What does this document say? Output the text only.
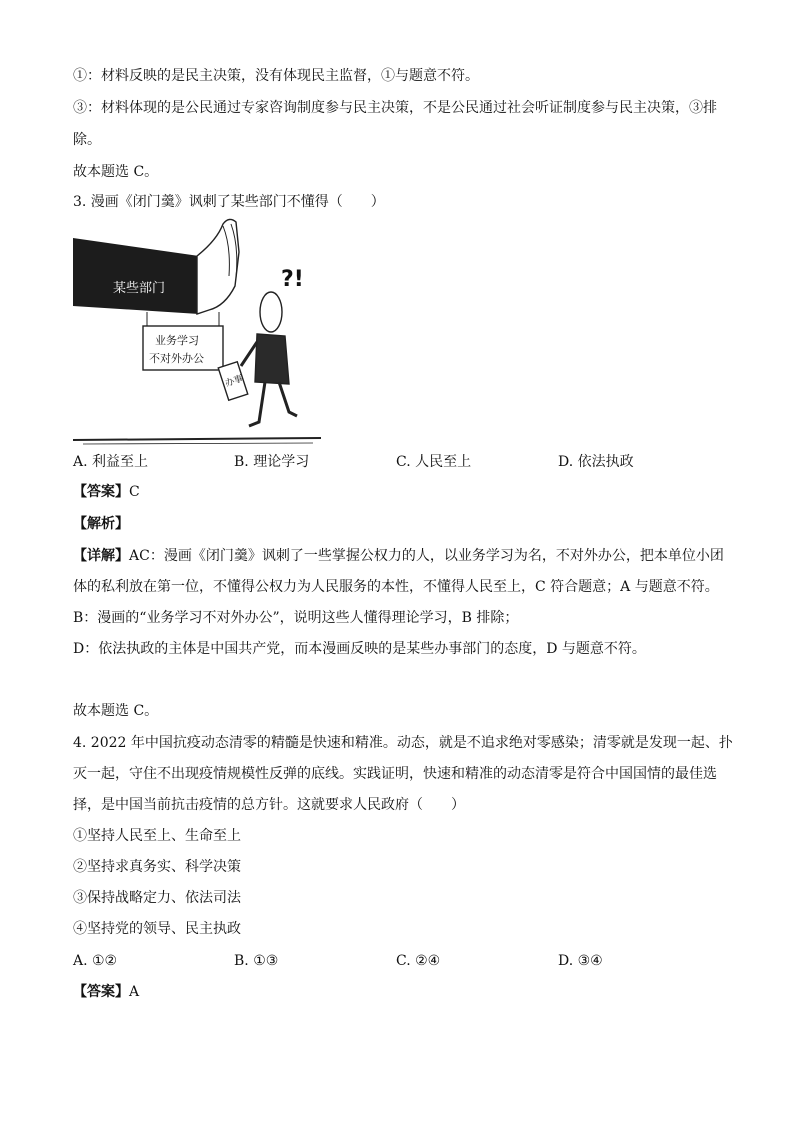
①：材料反映的是民主决策，没有体现民主监督，①与题意不符。
③：材料体现的是公民通过专家咨询制度参与民主决策，不是公民通过社会听证制度参与民主决策，③排
除。
故本题选 C。
3. 漫画《闭门羹》讽刺了某些部门不懂得（　　）
某些部门
业务学习
不对外办公
办事
?!
A. 利益至上	B. 理论学习	C. 人民至上	D. 依法执政
【答案】C
【解析】
【详解】AC：漫画《闭门羹》讽刺了一些掌握公权力的人，以业务学习为名，不对外办公，把本单位小团
体的私利放在第一位，不懂得公权力为人民服务的本性，不懂得人民至上，C 符合题意；A 与题意不符。
B：漫画的“业务学习不对外办公”，说明这些人懂得理论学习，B 排除；
D：依法执政的主体是中国共产党，而本漫画反映的是某些办事部门的态度，D 与题意不符。
故本题选 C。
4. 2022 年中国抗疫动态清零的精髓是快速和精准。动态，就是不追求绝对零感染；清零就是发现一起、扑
灭一起，守住不出现疫情规模性反弹的底线。实践证明，快速和精准的动态清零是符合中国国情的最佳选
择，是中国当前抗击疫情的总方针。这就要求人民政府（　　）
①坚持人民至上、生命至上
②坚持求真务实、科学决策
③保持战略定力、依法司法
④坚持党的领导、民主执政
A. ①②	B. ①③	C. ②④	D. ③④
【答案】A
